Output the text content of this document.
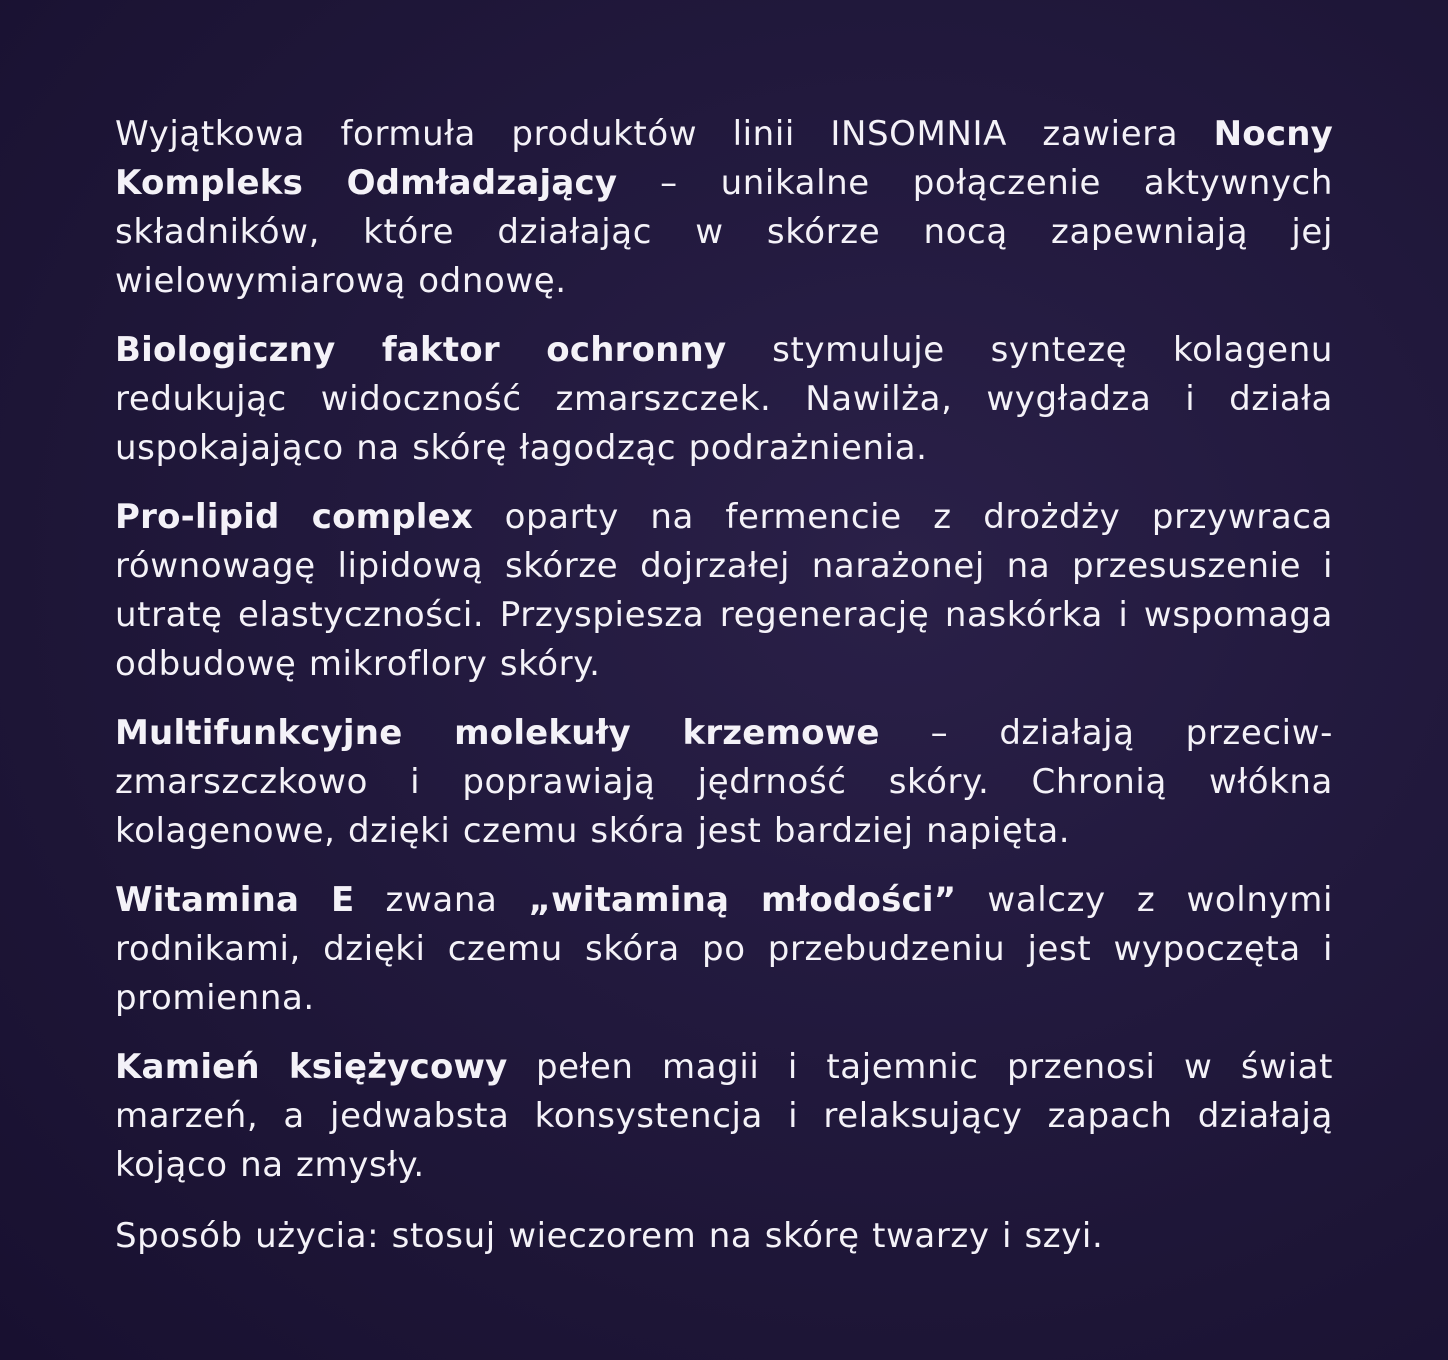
Wyjątkowa formuła produktów linii INSOMNIA zawiera Nocny Kompleks Odmładzający – unikalne połączenie aktywnych składników, które działając w skórze nocą zapewniają jej wielowymiarową odnowę.

Biologiczny faktor ochronny stymuluje syntezę kolagenu redukując widoczność zmarszczek. Nawilża, wygładza i działa uspokajająco na skórę łagodząc podrażnienia.

Pro-lipid complex oparty na fermencie z drożdży przywraca równowagę lipidową skórze dojrzałej narażonej na przesuszenie i utratę elastyczności. Przyspiesza regenerację naskórka i wspomaga odbudowę mikroflory skóry.

Multifunkcyjne molekuły krzemowe – działają przeciw-zmarszczkowo i poprawiają jędrność skóry. Chronią włókna kolagenowe, dzięki czemu skóra jest bardziej napięta.

Witamina E zwana „witaminą młodości” walczy z wolnymi rodnikami, dzięki czemu skóra po przebudzeniu jest wypoczęta i promienna.

Kamień księżycowy pełen magii i tajemnic przenosi w świat marzeń, a jedwabsta konsystencja i relaksujący zapach działają kojąco na zmysły.

Sposób użycia: stosuj wieczorem na skórę twarzy i szyi.
